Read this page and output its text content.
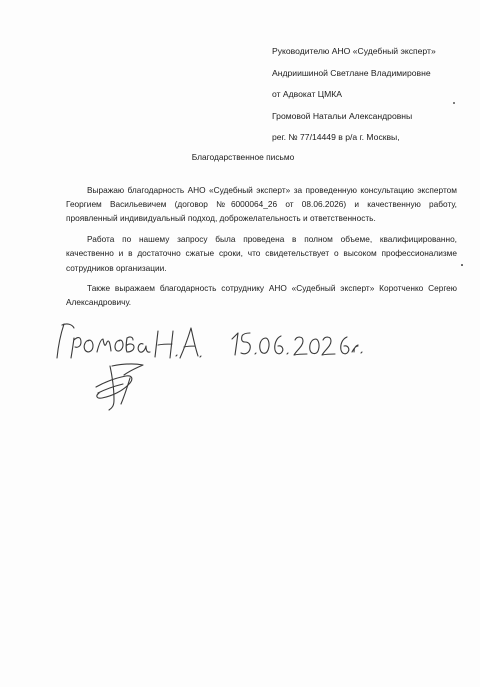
Руководителю АНО «Судебный эксперт»
Андриишиной Светлане Владимировне
от Адвокат ЦМКА
Громовой Натальи Александровны
рег. № 77/14449 в р/а г. Москвы,
Благодарственное письмо

Выражаю благодарность АНО «Судебный эксперт» за проведенную консультацию экспертом Георгием Васильевичем (договор №6000064_26 от 08.06.2026) и качественную работу, проявленный индивидуальный подход, доброжелательность и ответственность.

Работа по нашему запросу была проведена в полном объеме, квалифицированно, качественно и в достаточно сжатые сроки, что свидетельствует о высоком профессионализме сотрудников организации.

Также выражаем благодарность сотруднику АНО «Судебный эксперт» Коротченко Сергею Александровичу.
